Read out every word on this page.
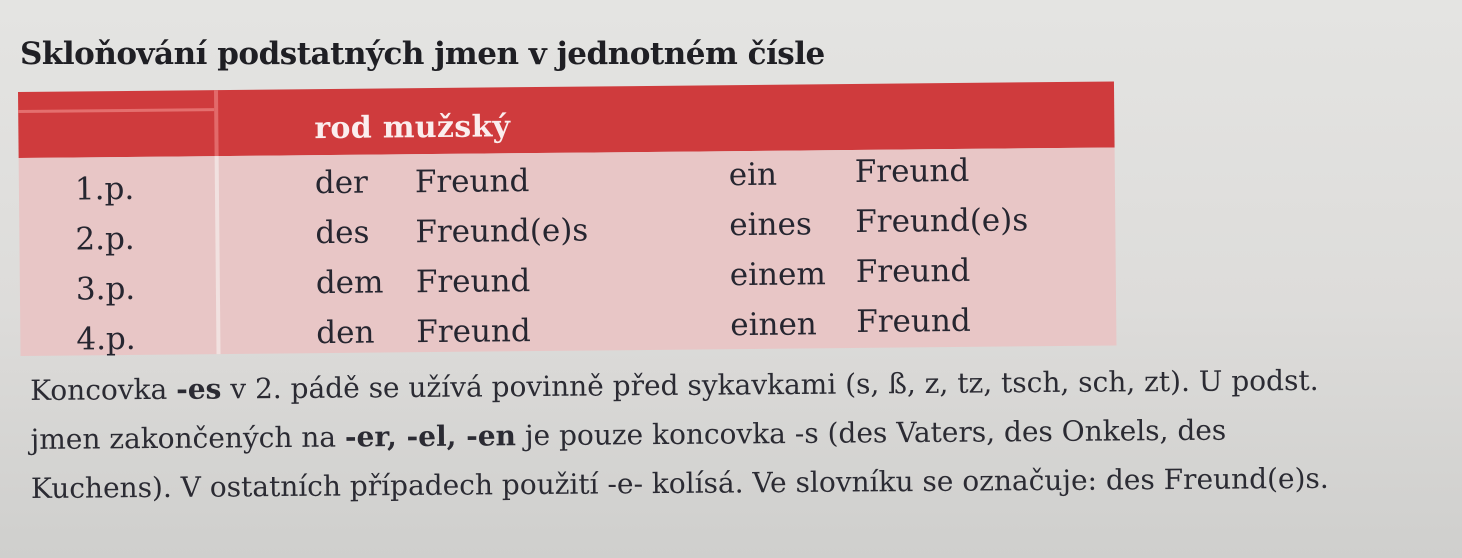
Skloňování podstatných jmen v jednotném čísle
rod mužský
1.p.	der Freund	ein Freund
2.p.	des Freund(e)s	eines Freund(e)s
3.p.	dem Freund	einem Freund
4.p.	den Freund	einen Freund
Koncovka -es v 2. pádě se užívá povinně před sykavkami (s, ß, z, tz, tsch, sch, zt). U podst.
jmen zakončených na -er, -el, -en je pouze koncovka -s (des Vaters, des Onkels, des
Kuchens). V ostatních případech použití -e- kolísá. Ve slovníku se označuje: des Freund(e)s.
